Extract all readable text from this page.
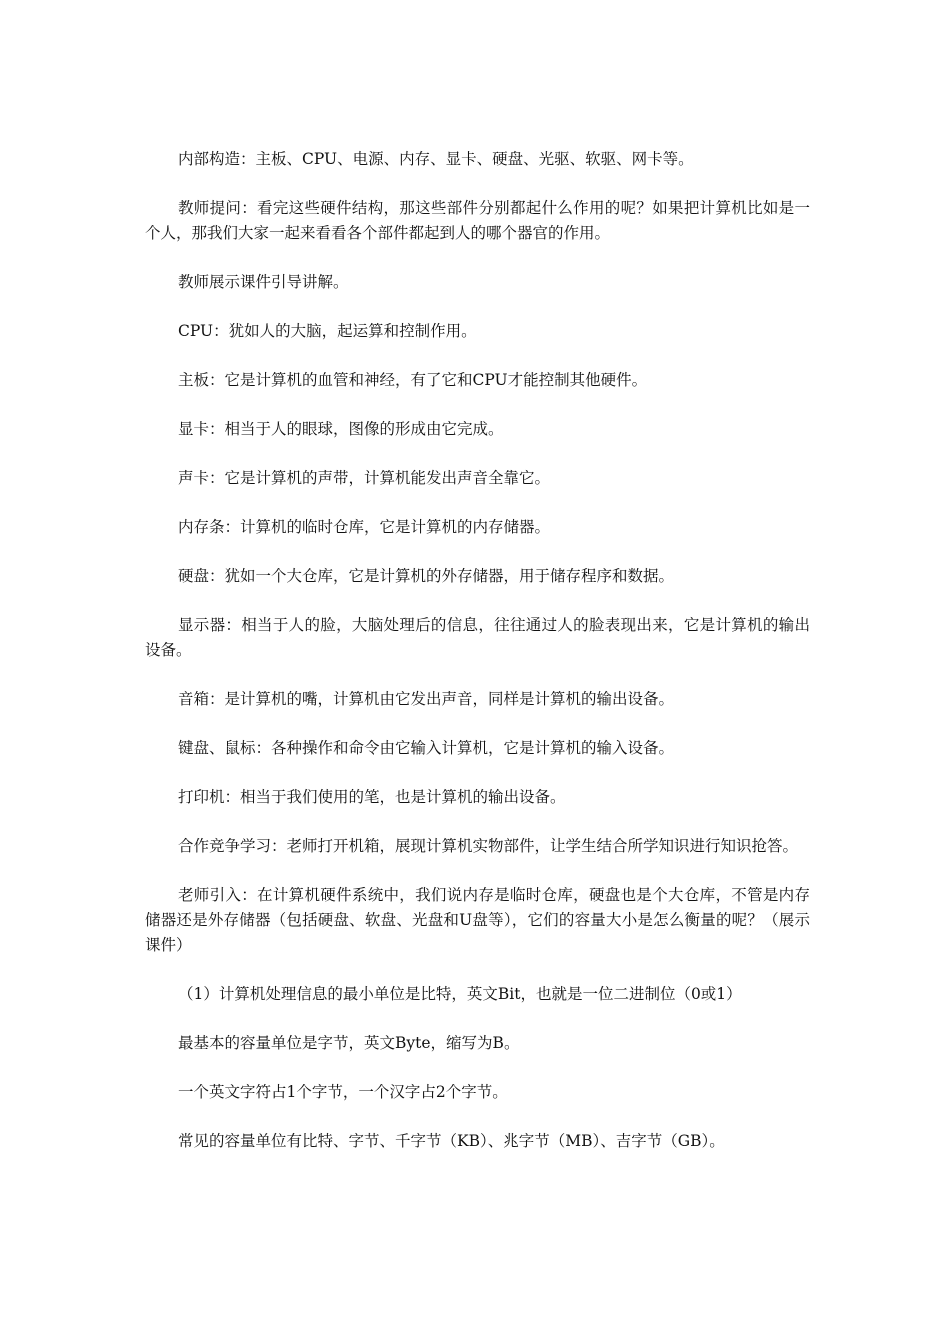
内部构造：主板、CPU、电源、内存、显卡、硬盘、光驱、软驱、网卡等。

教师提问：看完这些硬件结构，那这些部件分别都起什么作用的呢？如果把计算机比如是一个人，那我们大家一起来看看各个部件都起到人的哪个器官的作用。

教师展示课件引导讲解。

CPU：犹如人的大脑，起运算和控制作用。

主板：它是计算机的血管和神经，有了它和CPU才能控制其他硬件。

显卡：相当于人的眼球，图像的形成由它完成。

声卡：它是计算机的声带，计算机能发出声音全靠它。

内存条：计算机的临时仓库，它是计算机的内存储器。

硬盘：犹如一个大仓库，它是计算机的外存储器，用于储存程序和数据。

显示器：相当于人的脸，大脑处理后的信息，往往通过人的脸表现出来，它是计算机的输出设备。

音箱：是计算机的嘴，计算机由它发出声音，同样是计算机的输出设备。

键盘、鼠标：各种操作和命令由它输入计算机，它是计算机的输入设备。

打印机：相当于我们使用的笔，也是计算机的输出设备。

合作竞争学习：老师打开机箱，展现计算机实物部件，让学生结合所学知识进行知识抢答。

老师引入：在计算机硬件系统中，我们说内存是临时仓库，硬盘也是个大仓库，不管是内存储器还是外存储器（包括硬盘、软盘、光盘和U盘等），它们的容量大小是怎么衡量的呢？（展示课件）

（1）计算机处理信息的最小单位是比特，英文Bit，也就是一位二进制位（0或1）

最基本的容量单位是字节，英文Byte，缩写为B。

一个英文字符占1个字节，一个汉字占2个字节。

常见的容量单位有比特、字节、千字节（KB）、兆字节（MB）、吉字节（GB）。
